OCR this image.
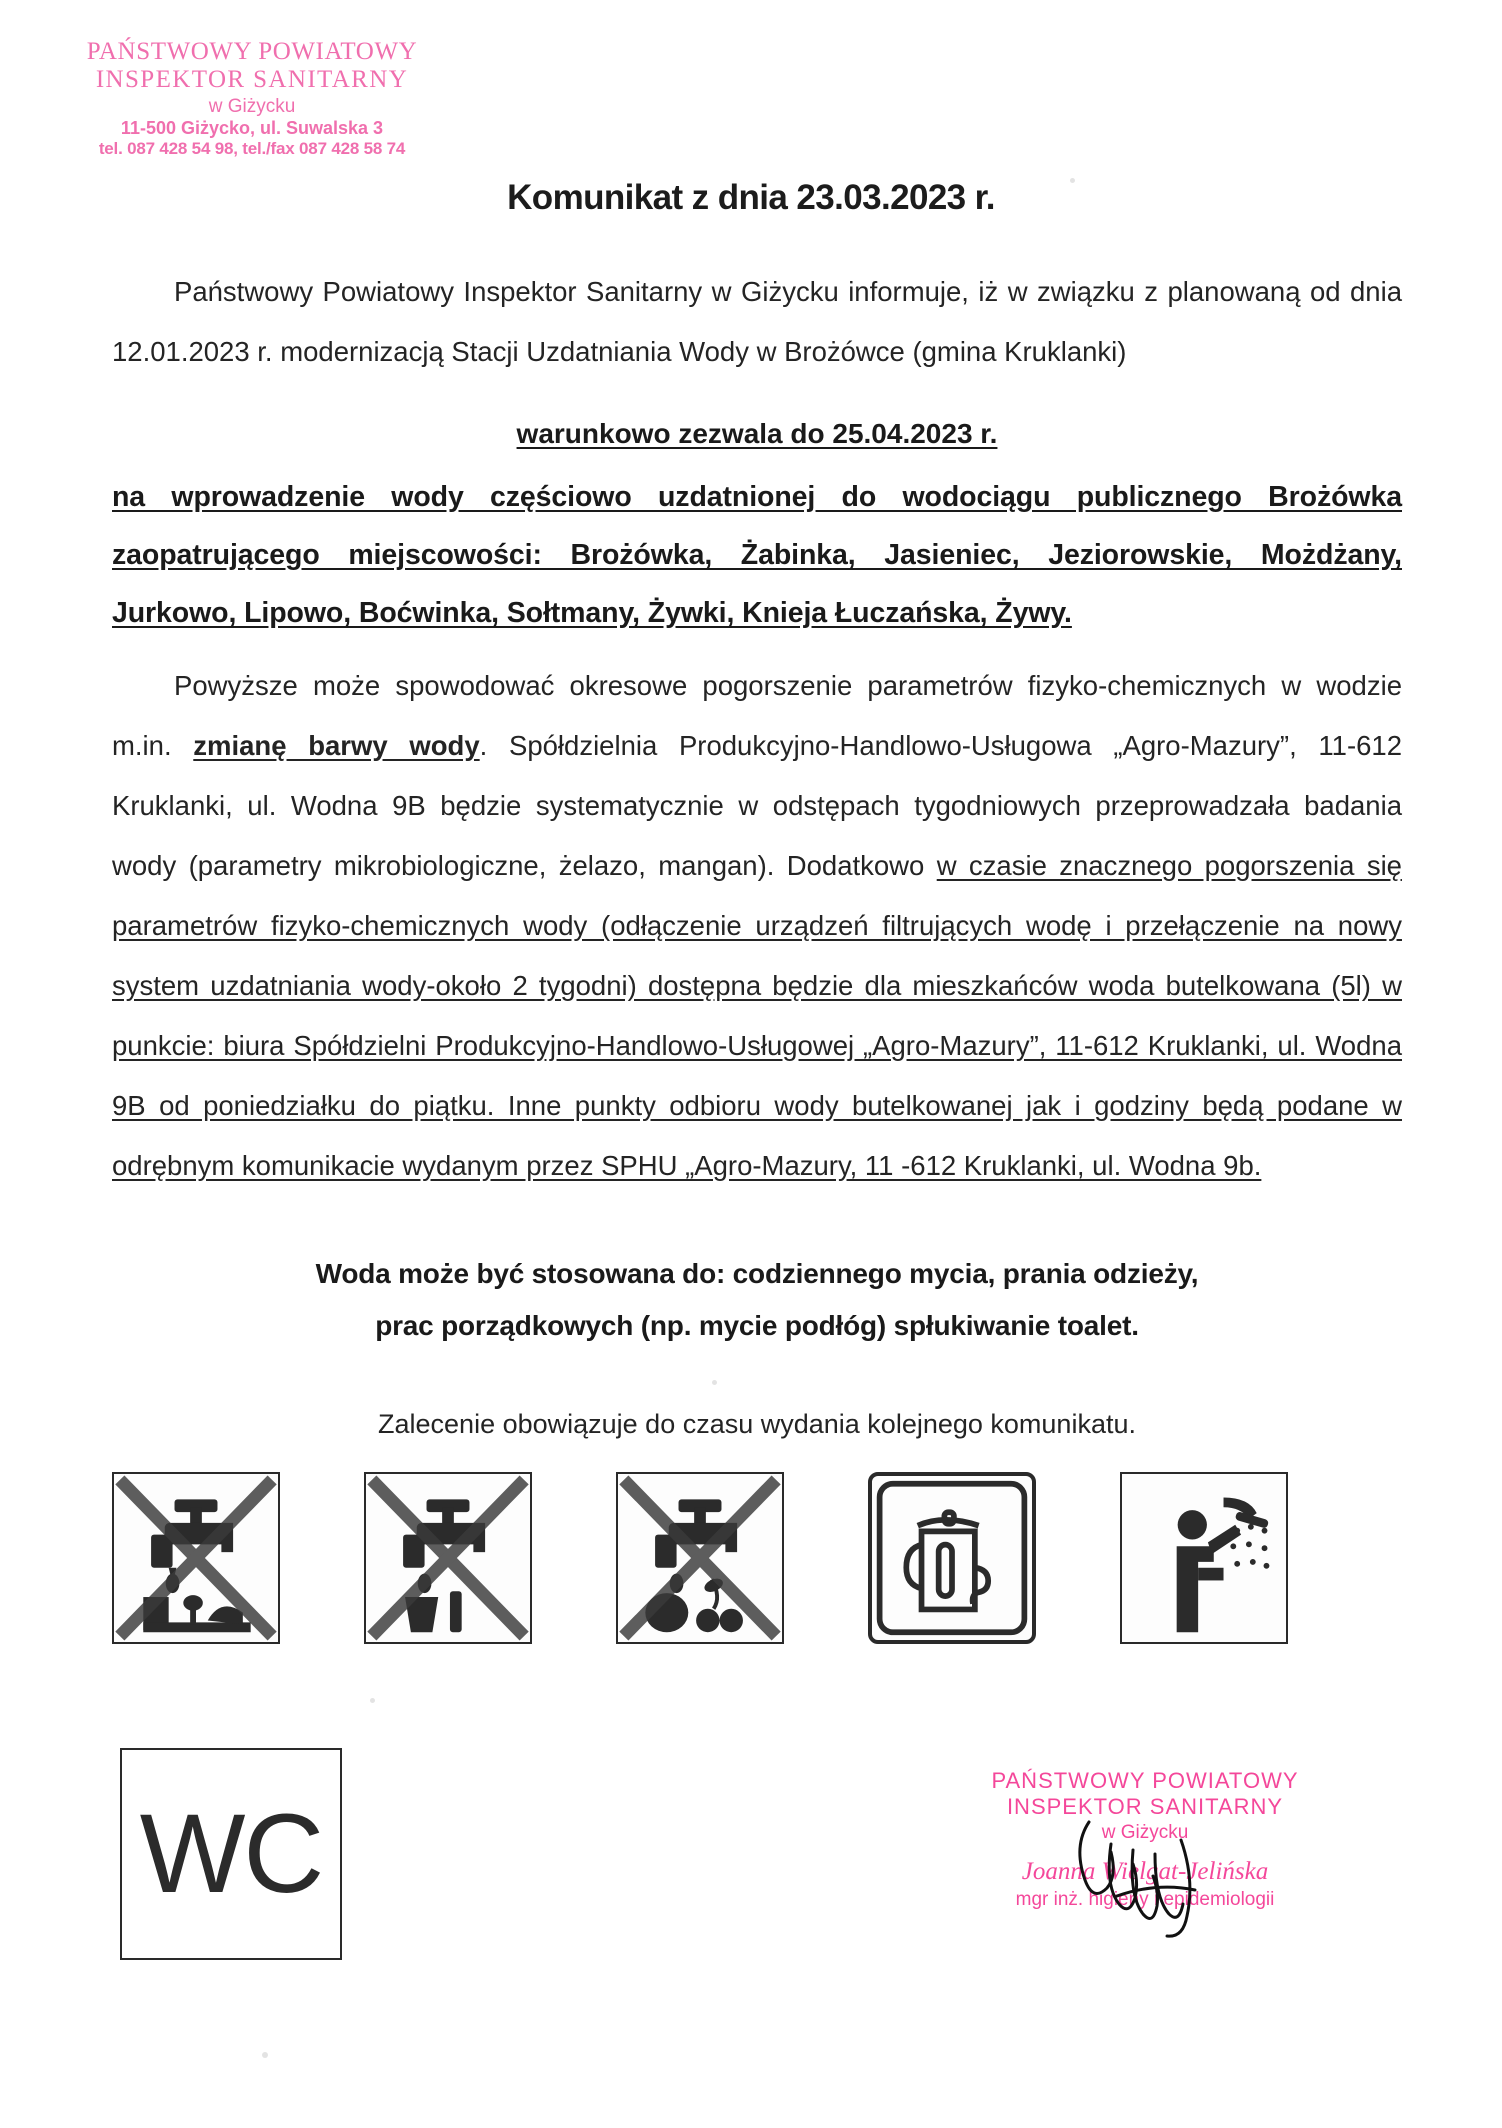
PAŃSTWOWY POWIATOWY
INSPEKTOR SANITARNY
w Giżycku
11-500 Giżycko, ul. Suwalska 3
tel. 087 428 54 98, tel./fax 087 428 58 74
Komunikat z dnia 23.03.2023 r.

Państwowy Powiatowy Inspektor Sanitarny w Giżycku informuje, iż w związku z planowaną od dnia 12.01.2023 r. modernizacją Stacji Uzdatniania Wody w Brożówce (gmina Kruklanki)

warunkowo zezwala do 25.04.2023 r.

na wprowadzenie wody częściowo uzdatnionej do wodociągu publicznego Brożówka zaopatrującego miejscowości: Brożówka, Żabinka, Jasieniec, Jeziorowskie, Możdżany, Jurkowo, Lipowo, Boćwinka, Sołtmany, Żywki, Knieja Łuczańska, Żywy.

Powyższe może spowodować okresowe pogorszenie parametrów fizyko-chemicznych w wodzie m.in. zmianę barwy wody. Spółdzielnia Produkcyjno-Handlowo-Usługowa „Agro-Mazury”, 11-612 Kruklanki, ul. Wodna 9B będzie systematycznie w odstępach tygodniowych przeprowadzała badania wody (parametry mikrobiologiczne, żelazo, mangan). Dodatkowo w czasie znacznego pogorszenia się parametrów fizyko-chemicznych wody (odłączenie urządzeń filtrujących wodę i przełączenie na nowy system uzdatniania wody-około 2 tygodni) dostępna będzie dla mieszkańców woda butelkowana (5l) w punkcie: biura Spółdzielni Produkcyjno-Handlowo-Usługowej „Agro-Mazury”, 11-612 Kruklanki, ul. Wodna 9B od poniedziałku do piątku. Inne punkty odbioru wody butelkowanej jak i godziny będą podane w odrębnym komunikacie wydanym przez SPHU „Agro-Mazury, 11 -612 Kruklanki, ul. Wodna 9b.

Woda może być stosowana do: codziennego mycia, prania odzieży,
prac porządkowych (np. mycie podłóg) spłukiwanie toalet.
Zalecenie obowiązuje do czasu wydania kolejnego komunikatu.
WC
PAŃSTWOWY POWIATOWY
INSPEKTOR SANITARNY
w Giżycku
Joanna Wielgat-Jelińska
mgr inż. higieny i epidemiologii
